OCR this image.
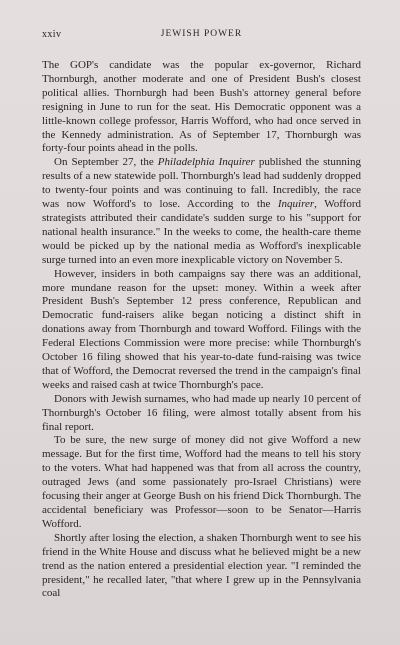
xxiv	JEWISH POWER

The GOP's candidate was the popular ex-governor, Richard Thornburgh, another moderate and one of President Bush's closest political allies. Thornburgh had been Bush's attorney general before resigning in June to run for the seat. His Democratic opponent was a little-known college professor, Harris Wofford, who had once served in the Kennedy administration. As of September 17, Thornburgh was forty-four points ahead in the polls.

On September 27, the Philadelphia Inquirer published the stunning results of a new statewide poll. Thornburgh's lead had suddenly dropped to twenty-four points and was continuing to fall. Incredibly, the race was now Wofford's to lose. According to the Inquirer, Wofford strategists attributed their candidate's sudden surge to his "support for national health insurance." In the weeks to come, the health-care theme would be picked up by the national media as Wofford's inexplicable surge turned into an even more inexplicable victory on November 5.

However, insiders in both campaigns say there was an additional, more mundane reason for the upset: money. Within a week after President Bush's September 12 press conference, Republican and Democratic fund-raisers alike began noticing a distinct shift in donations away from Thornburgh and toward Wofford. Filings with the Federal Elections Commission were more precise: while Thornburgh's October 16 filing showed that his year-to-date fund-raising was twice that of Wofford, the Democrat reversed the trend in the campaign's final weeks and raised cash at twice Thornburgh's pace.

Donors with Jewish surnames, who had made up nearly 10 percent of Thornburgh's October 16 filing, were almost totally absent from his final report.

To be sure, the new surge of money did not give Wofford a new message. But for the first time, Wofford had the means to tell his story to the voters. What had happened was that from all across the country, outraged Jews (and some passionately pro-Israel Christians) were focusing their anger at George Bush on his friend Dick Thornburgh. The accidental beneficiary was Professor—soon to be Senator—Harris Wofford.

Shortly after losing the election, a shaken Thornburgh went to see his friend in the White House and discuss what he believed might be a new trend as the nation entered a presidential election year. "I reminded the president," he recalled later, "that where I grew up in the Pennsylvania coal
